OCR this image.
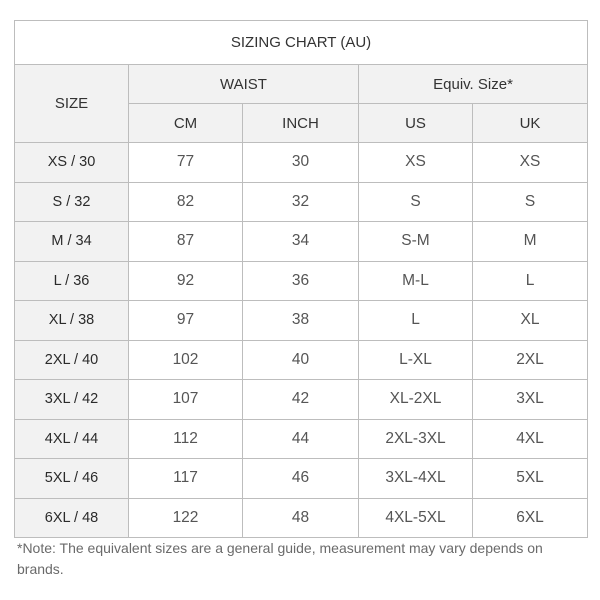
SIZING CHART (AU)				
SIZE	WAIST		Equiv. Size*	
	CM	INCH	US	UK
XS / 30	77	30	XS	XS
S / 32	82	32	S	S
M / 34	87	34	S-M	M
L / 36	92	36	M-L	L
XL / 38	97	38	L	XL
2XL / 40	102	40	L-XL	2XL
3XL / 42	107	42	XL-2XL	3XL
4XL / 44	112	44	2XL-3XL	4XL
5XL / 46	117	46	3XL-4XL	5XL
6XL / 48	122	48	4XL-5XL	6XL
*Note: The equivalent sizes are a general guide, measurement may vary depends on brands.
